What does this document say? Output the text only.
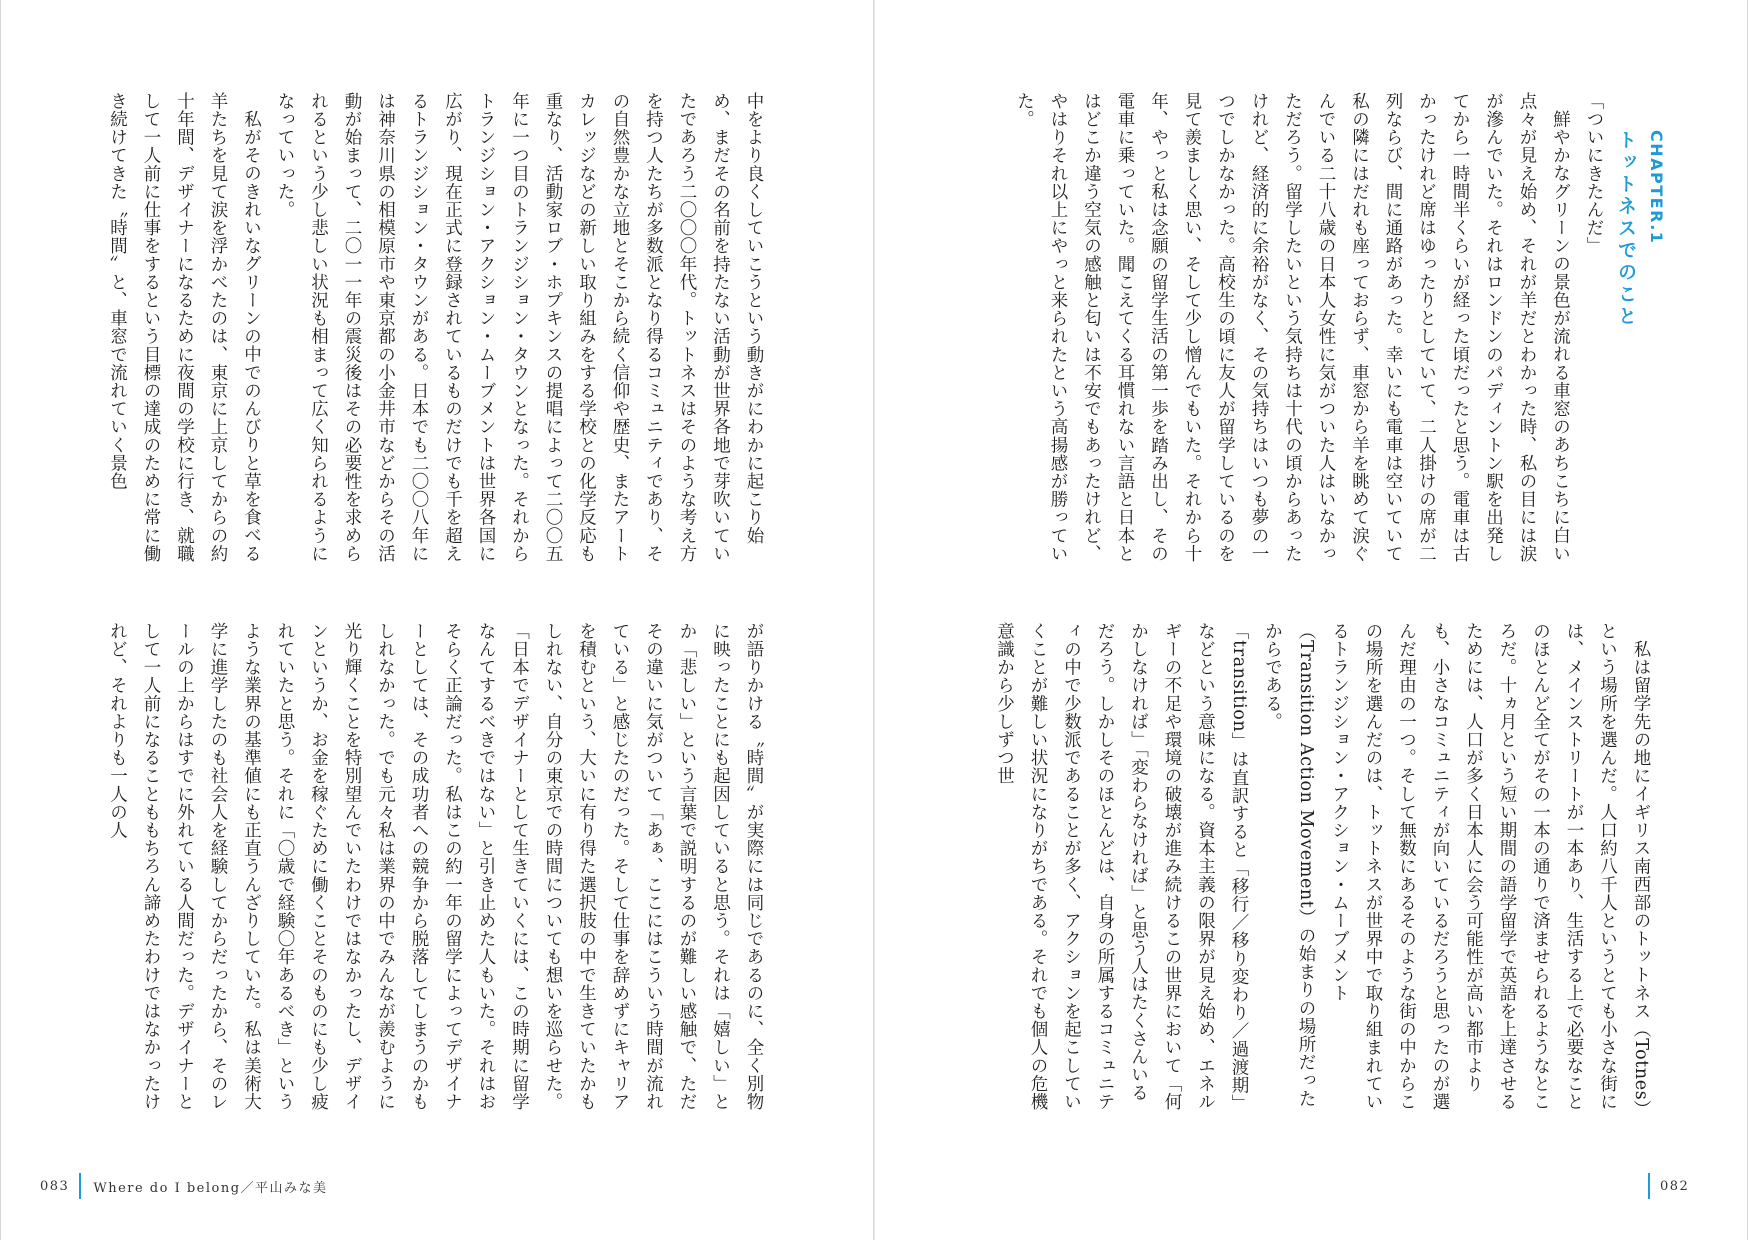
CHAPTER.1
トットネスでのこと

「ついにきたんだ」

鮮やかなグリーンの景色が流れる車窓のあちこちに白い点々が見え始め、それが羊だとわかった時、私の目には涙が滲んでいた。それはロンドンのパディントン駅を出発してから一時間半くらいが経った頃だったと思う。電車は古かったけれど席はゆったりとしていて、二人掛けの席が二列ならび、間に通路があった。幸いにも電車は空いていて私の隣にはだれも座っておらず、車窓から羊を眺めて涙ぐんでいる二十八歳の日本人女性に気がついた人はいなかっただろう。留学したいという気持ちは十代の頃からあったけれど、経済的に余裕がなく、その気持ちはいつも夢の一つでしかなかった。高校生の頃に友人が留学しているのを見て羨ましく思い、そして少し憎んでもいた。それから十年、やっと私は念願の留学生活の第一歩を踏み出し、その電車に乗っていた。聞こえてくる耳慣れない言語と日本とはどこか違う空気の感触と匂いは不安でもあったけれど、やはりそれ以上にやっと来られたという高揚感が勝っていた。

私は留学先の地にイギリス南西部のトットネス（Totnes）という場所を選んだ。人口約八千人というとても小さな街には、メインストリートが一本あり、生活する上で必要なことのほとんど全てがその一本の通りで済ませられるようなところだ。十ヵ月という短い期間の語学留学で英語を上達させるためには、人口が多く日本人に会う可能性が高い都市よりも、小さなコミュニティが向いているだろうと思ったのが選んだ理由の一つ。そして無数にあるそのような街の中からこの場所を選んだのは、トットネスが世界中で取り組まれているトランジション・アクション・ムーブメント（Transition Action Movement）の始まりの場所だったからである。

「transition」は直訳すると「移行／移り変わり／過渡期」などという意味になる。資本主義の限界が見え始め、エネルギーの不足や環境の破壊が進み続けるこの世界において「何かしなければ」「変わらなければ」と思う人はたくさんいるだろう。しかしそのほとんどは、自身の所属するコミュニティの中で少数派であることが多く、アクションを起こしていくことが難しい状況になりがちである。それでも個人の危機意識から少しずつ世

082

中をより良くしていこうという動きがにわかに起こり始め、まだその名前を持たない活動が世界各地で芽吹いていたであろう二〇〇〇年代。トットネスはそのような考え方を持つ人たちが多数派となり得るコミュニティであり、その自然豊かな立地とそこから続く信仰や歴史、またアートカレッジなどの新しい取り組みをする学校との化学反応も重なり、活動家ロブ・ホプキンスの提唱によって二〇〇五年に一つ目のトランジション・タウンとなった。それからトランジション・アクション・ムーブメントは世界各国に広がり、現在正式に登録されているものだけでも千を超えるトランジション・タウンがある。日本でも二〇〇八年には神奈川県の相模原市や東京都の小金井市などからその活動が始まって、二〇一一年の震災後はその必要性を求められるという少し悲しい状況も相まって広く知られるようになっていった。

私がそのきれいなグリーンの中でのんびりと草を食べる羊たちを見て涙を浮かべたのは、東京に上京してからの約十年間、デザイナーになるために夜間の学校に行き、就職して一人前に仕事をするという目標の達成のために常に働き続けてきた〝時間〟と、車窓で流れていく景色

が語りかける〝時間〟が実際には同じであるのに、全く別物に映ったことにも起因していると思う。それは「嬉しい」とか「悲しい」という言葉で説明するのが難しい感触で、ただその違いに気がついて「あぁ、ここにはこういう時間が流れている」と感じたのだった。そして仕事を辞めずにキャリアを積むという、大いに有り得た選択肢の中で生きていたかもしれない、自分の東京での時間についても想いを巡らせた。「日本でデザイナーとして生きていくには、この時期に留学なんてするべきではない」と引き止めた人もいた。それはおそらく正論だった。私はこの約一年の留学によってデザイナーとしては、その成功者への競争から脱落してしまうのかもしれなかった。でも元々私は業界の中でみんなが羨むように光り輝くことを特別望んでいたわけではなかったし、デザインというか、お金を稼ぐために働くことそのものにも少し疲れていたと思う。それに「〇歳で経験〇年あるべき」というような業界の基準値にも正直うんざりしていた。私は美術大学に進学したのも社会人を経験してからだったから、そのレールの上からはすでに外れている人間だった。デザイナーとして一人前になることももちろん諦めたわけではなかったけれど、それよりも一人の人

083 Where do I belong／平山みな美
